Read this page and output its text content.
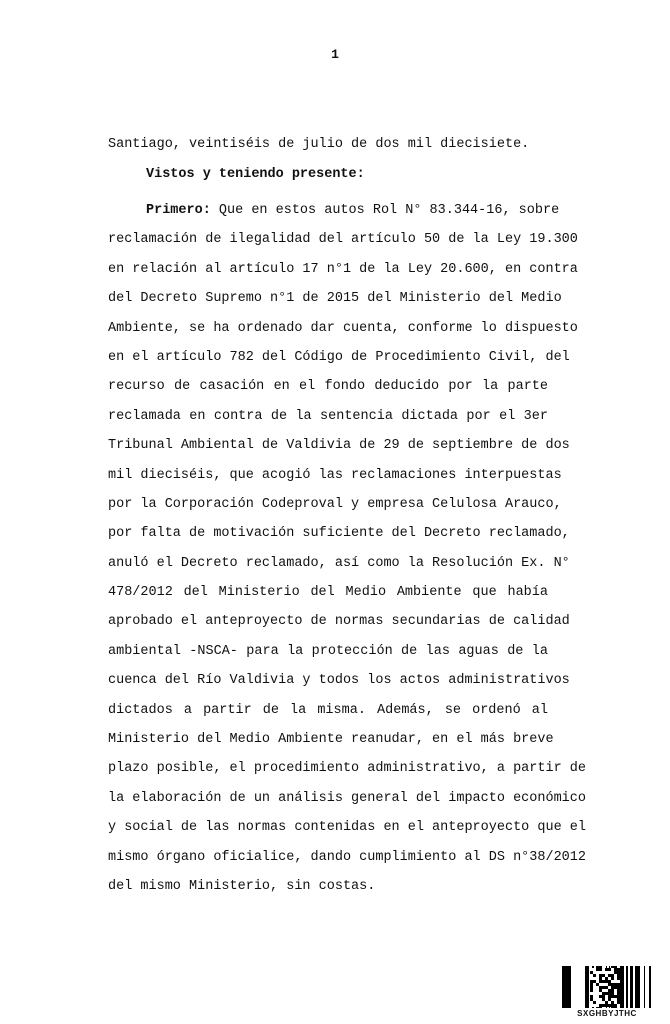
1
Santiago, veintiséis de julio de dos mil diecisiete.
Vistos y teniendo presente:
Primero: Que en estos autos Rol N° 83.344-16, sobre
reclamación de ilegalidad del artículo 50 de la Ley 19.300
en relación al artículo 17 n°1 de la Ley 20.600, en contra
del Decreto Supremo n°1 de 2015 del Ministerio del Medio
Ambiente, se ha ordenado dar cuenta, conforme lo dispuesto
en el artículo 782 del Código de Procedimiento Civil, del
recurso de casación en el fondo deducido por la parte
reclamada en contra de la sentencia dictada por el 3er
Tribunal Ambiental de Valdivia de 29 de septiembre de dos
mil dieciséis, que acogió las reclamaciones interpuestas
por la Corporación Codeproval y empresa Celulosa Arauco,
por falta de motivación suficiente del Decreto reclamado,
anuló el Decreto reclamado, así como la Resolución Ex. N°
478/2012 del Ministerio del Medio Ambiente que había
aprobado el anteproyecto de normas secundarias de calidad
ambiental -NSCA- para la protección de las aguas de la
cuenca del Río Valdivia y todos los actos administrativos
dictados a partir de la misma. Además, se ordenó al
Ministerio del Medio Ambiente reanudar, en el más breve
plazo posible, el procedimiento administrativo, a partir de
la elaboración de un análisis general del impacto económico
y social de las normas contenidas en el anteproyecto que el
mismo órgano oficialice, dando cumplimiento al DS n°38/2012
del mismo Ministerio, sin costas.
SXGHBYJTHC
